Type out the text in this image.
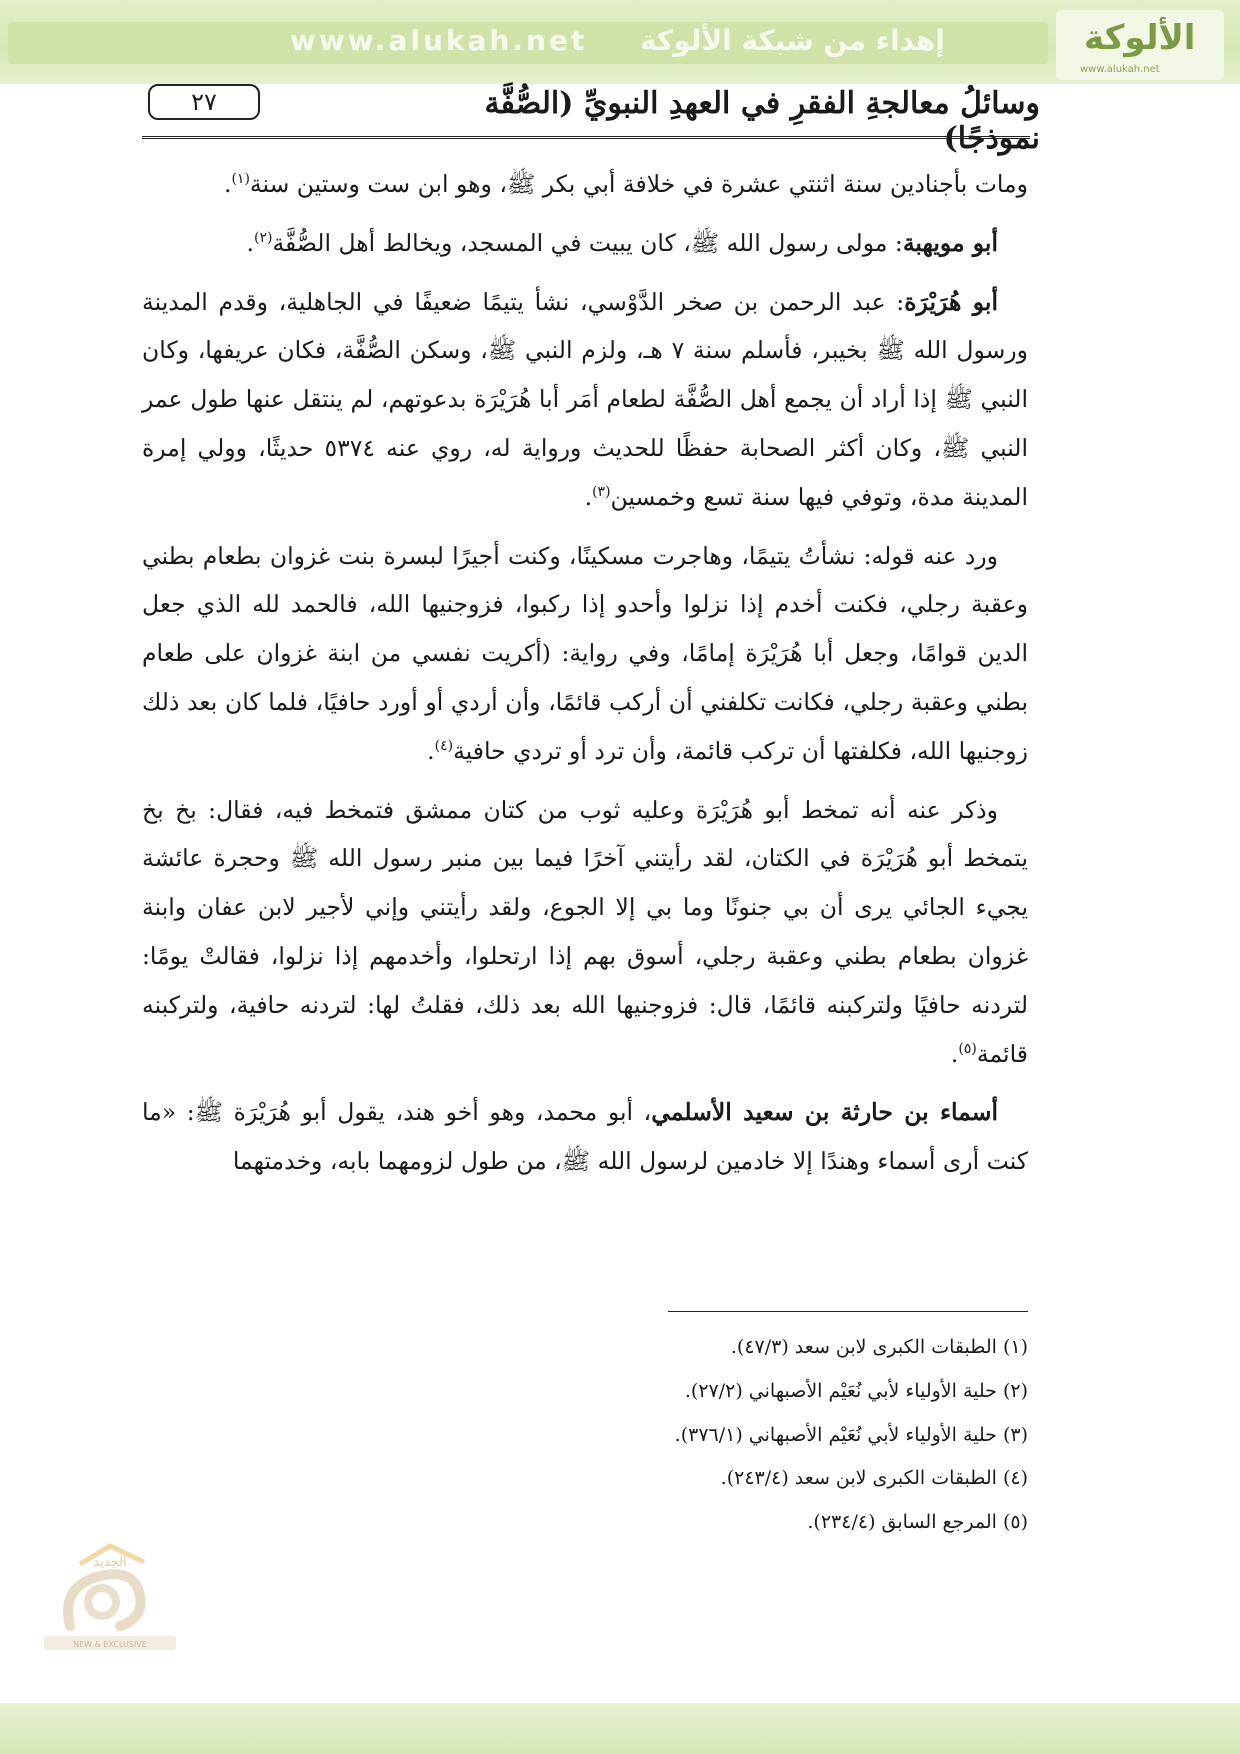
www.alukah.net إهداء من شبكة الألوكة	الألوكة
www.alukah.net
٢٧	وسائلُ معالجةِ الفقرِ في العهدِ النبويِّ (الصُّفَّة نموذجًا)

ومات بأجنادين سنة اثنتي عشرة في خلافة أبي بكر ﷺ، وهو ابن ست وستين سنة$^{(١)}$.

أبو مويهبة: مولى رسول الله ﷺ، كان يبيت في المسجد، ويخالط أهل الصُّفَّة$^{(٢)}$.

أبو هُرَيْرَة: عبد الرحمن بن صخر الدَّوْسي، نشأ يتيمًا ضعيفًا في الجاهلية، وقدم المدينة ورسول الله ﷺ بخيبر، فأسلم سنة ٧ هـ، ولزم النبي ﷺ، وسكن الصُّفَّة، فكان عريفها، وكان النبي ﷺ إذا أراد أن يجمع أهل الصُّفَّة لطعام أمَر أبا هُرَيْرَة بدعوتهم، لم ينتقل عنها طول عمر النبي ﷺ، وكان أكثر الصحابة حفظًا للحديث ورواية له، روي عنه ٥٣٧٤ حديثًا، وولي إمرة المدينة مدة، وتوفي فيها سنة تسع وخمسين$^{(٣)}$.

ورد عنه قوله: نشأتُ يتيمًا، وهاجرت مسكينًا، وكنت أجيرًا لبسرة بنت غزوان بطعام بطني وعقبة رجلي، فكنت أخدم إذا نزلوا وأحدو إذا ركبوا، فزوجنيها الله، فالحمد لله الذي جعل الدين قوامًا، وجعل أبا هُرَيْرَة إمامًا، وفي رواية: (أكريت نفسي من ابنة غزوان على طعام بطني وعقبة رجلي، فكانت تكلفني أن أركب قائمًا، وأن أردي أو أورد حافيًا، فلما كان بعد ذلك زوجنيها الله، فكلفتها أن تركب قائمة، وأن ترد أو تردي حافية$^{(٤)}$.

وذكر عنه أنه تمخط أبو هُرَيْرَة وعليه ثوب من كتان ممشق فتمخط فيه، فقال: بخ بخ يتمخط أبو هُرَيْرَة في الكتان، لقد رأيتني آخرًا فيما بين منبر رسول الله ﷺ وحجرة عائشة يجيء الجائي يرى أن بي جنونًا وما بي إلا الجوع، ولقد رأيتني وإني لأجير لابن عفان وابنة غزوان بطعام بطني وعقبة رجلي، أسوق بهم إذا ارتحلوا، وأخدمهم إذا نزلوا، فقالتْ يومًا: لتردنه حافيًا ولتركبنه قائمًا، قال: فزوجنيها الله بعد ذلك، فقلتُ لها: لتردنه حافية، ولتركبنه قائمة$^{(٥)}$.

أسماء بن حارثة بن سعيد الأسلمي، أبو محمد، وهو أخو هند، يقول أبو هُرَيْرَة ﷺ: «ما كنت أرى أسماء وهندًا إلا خادمين لرسول الله ﷺ، من طول لزومهما بابه، وخدمتهما

(١) الطبقات الكبرى لابن سعد (٤٧/٣).
(٢) حلية الأولياء لأبي نُعَيْم الأصبهاني (٢٧/٢).
(٣) حلية الأولياء لأبي نُعَيْم الأصبهاني (٣٧٦/١).
(٤) الطبقات الكبرى لابن سعد (٢٤٣/٤).
(٥) المرجع السابق (٢٣٤/٤).
الجديد
NEW & EXCLUSIVE
